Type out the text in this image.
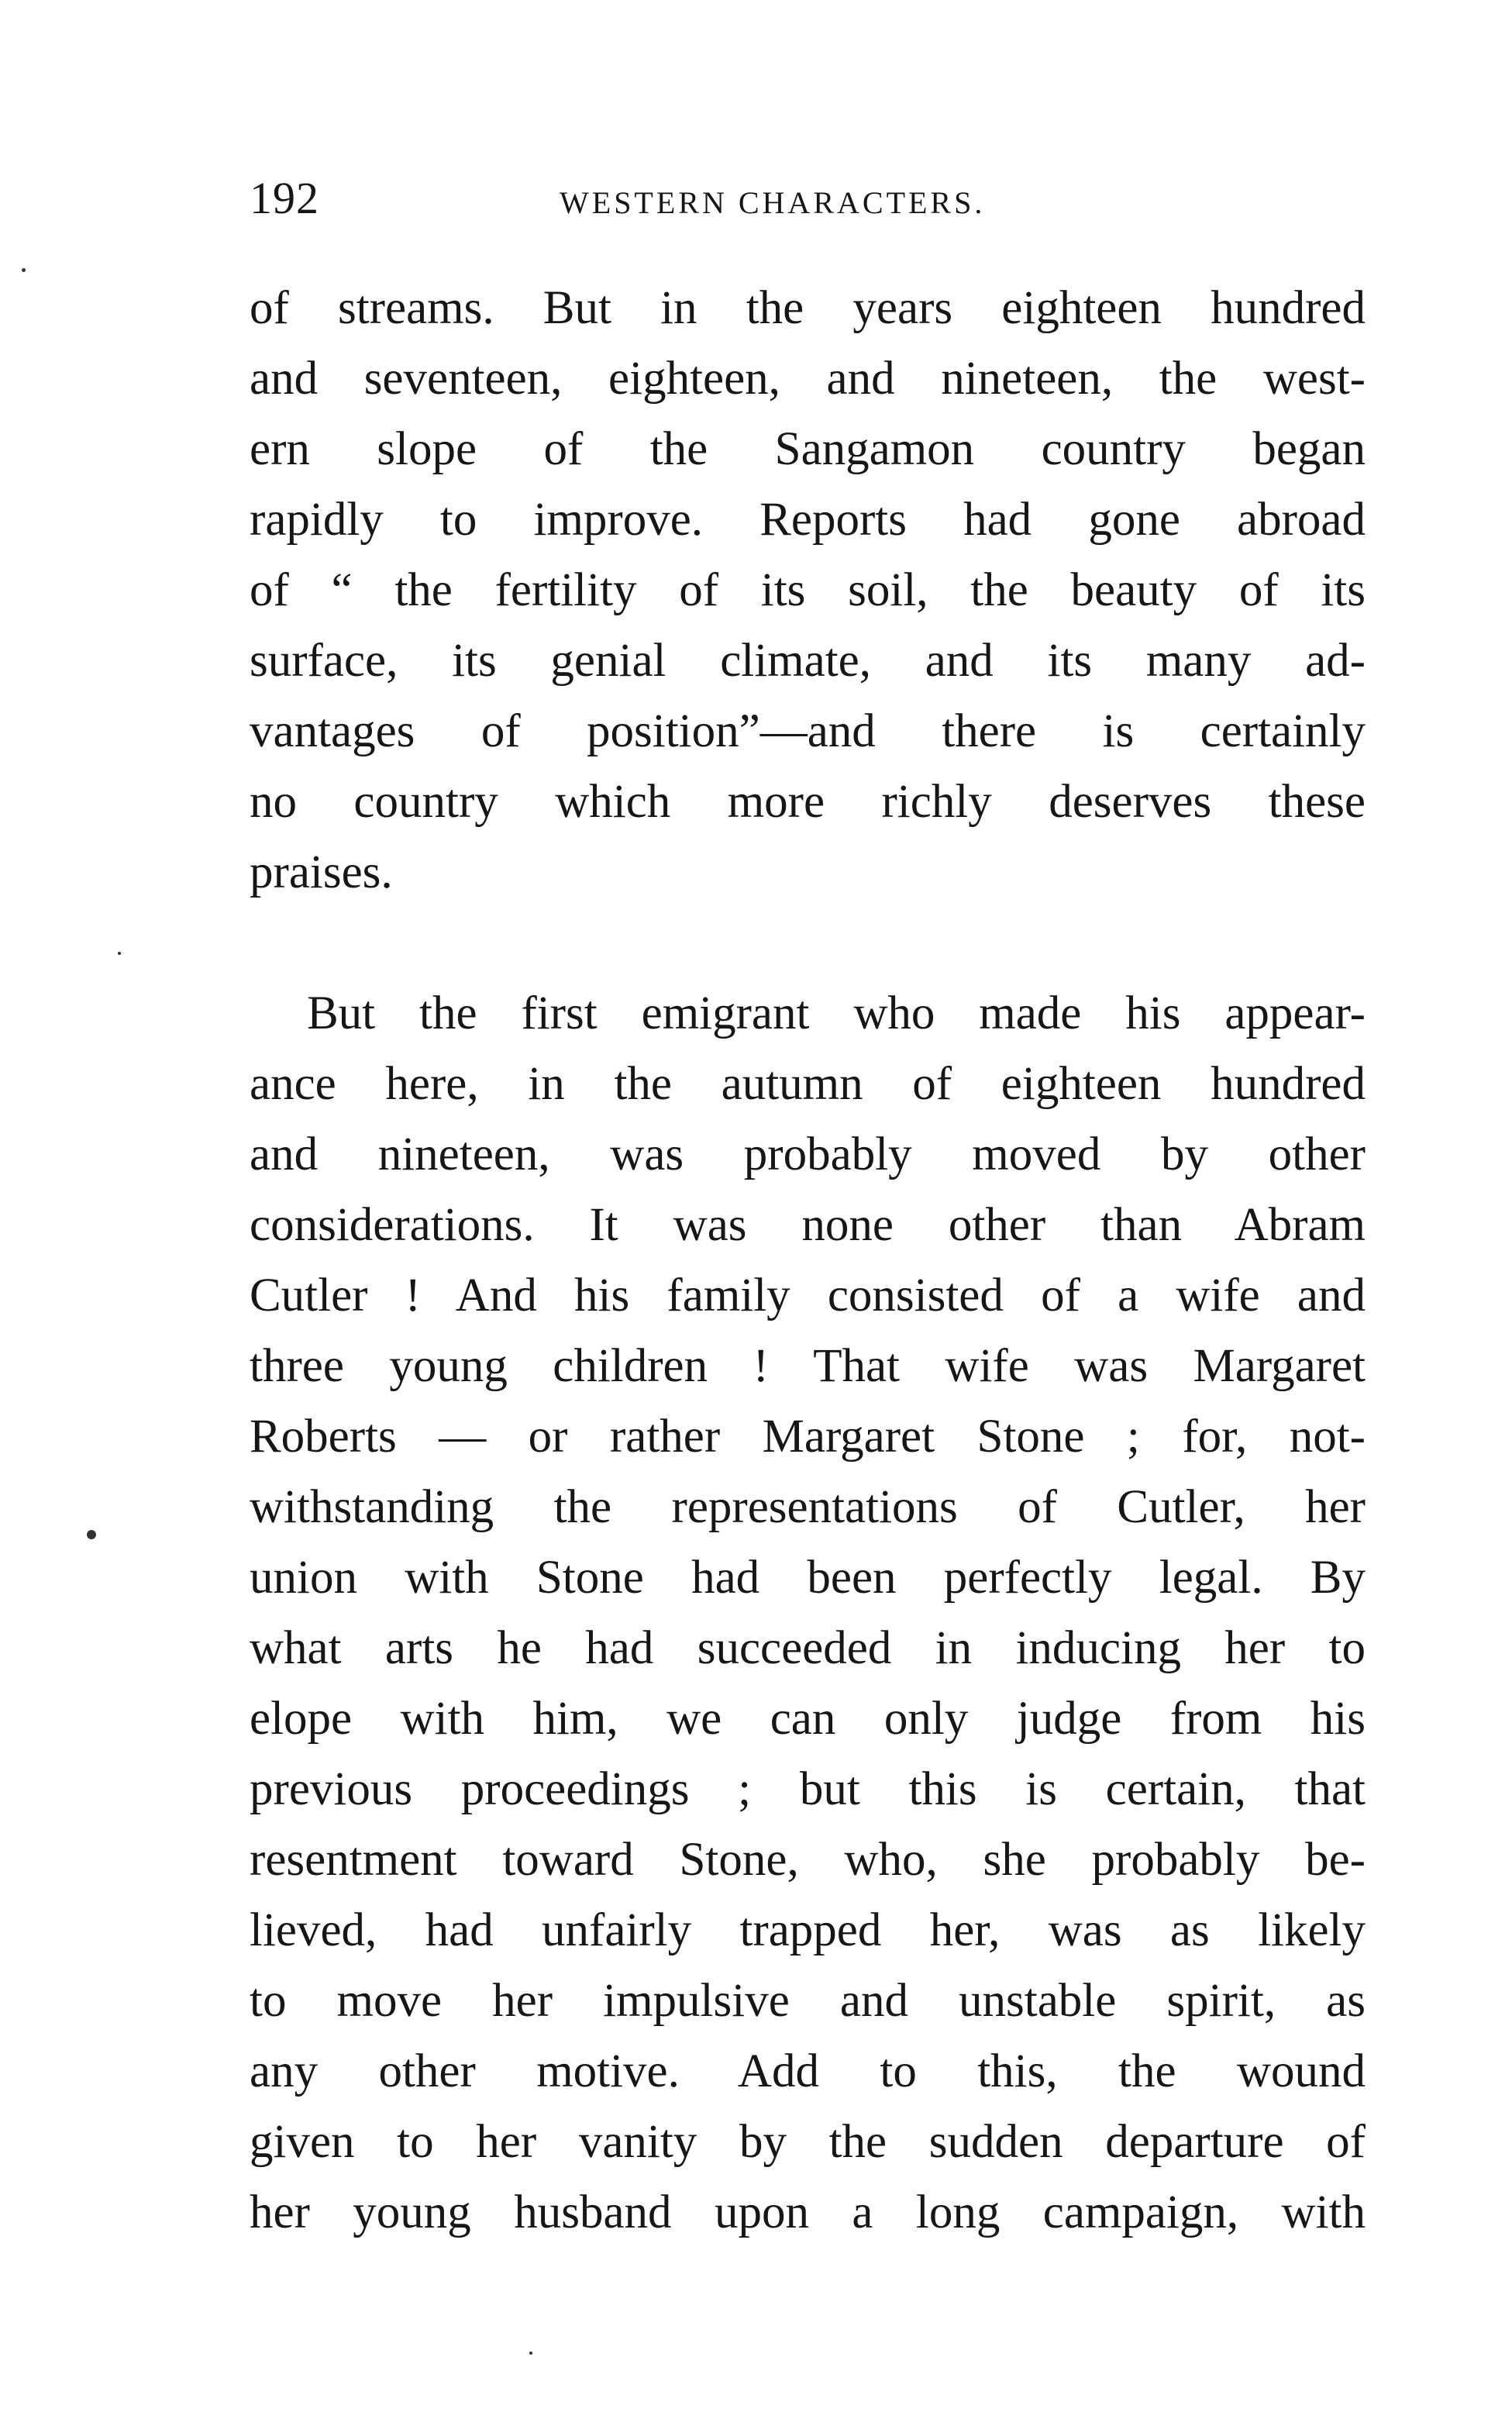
192	WESTERN CHARACTERS.

of streams. But in the years eighteen hundred
and seventeen, eighteen, and nineteen, the west-
ern slope of the Sangamon country began
rapidly to improve. Reports had gone abroad
of “ the fertility of its soil, the beauty of its
surface, its genial climate, and its many ad-
vantages of position”—and there is certainly
no country which more richly deserves these
praises.

But the first emigrant who made his appear-
ance here, in the autumn of eighteen hundred
and nineteen, was probably moved by other
considerations. It was none other than Abram
Cutler ! And his family consisted of a wife and
three young children ! That wife was Margaret
Roberts — or rather Margaret Stone ; for, not-
withstanding the representations of Cutler, her
union with Stone had been perfectly legal. By
what arts he had succeeded in inducing her to
elope with him, we can only judge from his
previous proceedings ; but this is certain, that
resentment toward Stone, who, she probably be-
lieved, had unfairly trapped her, was as likely
to move her impulsive and unstable spirit, as
any other motive. Add to this, the wound
given to her vanity by the sudden departure of
her young husband upon a long campaign, with
